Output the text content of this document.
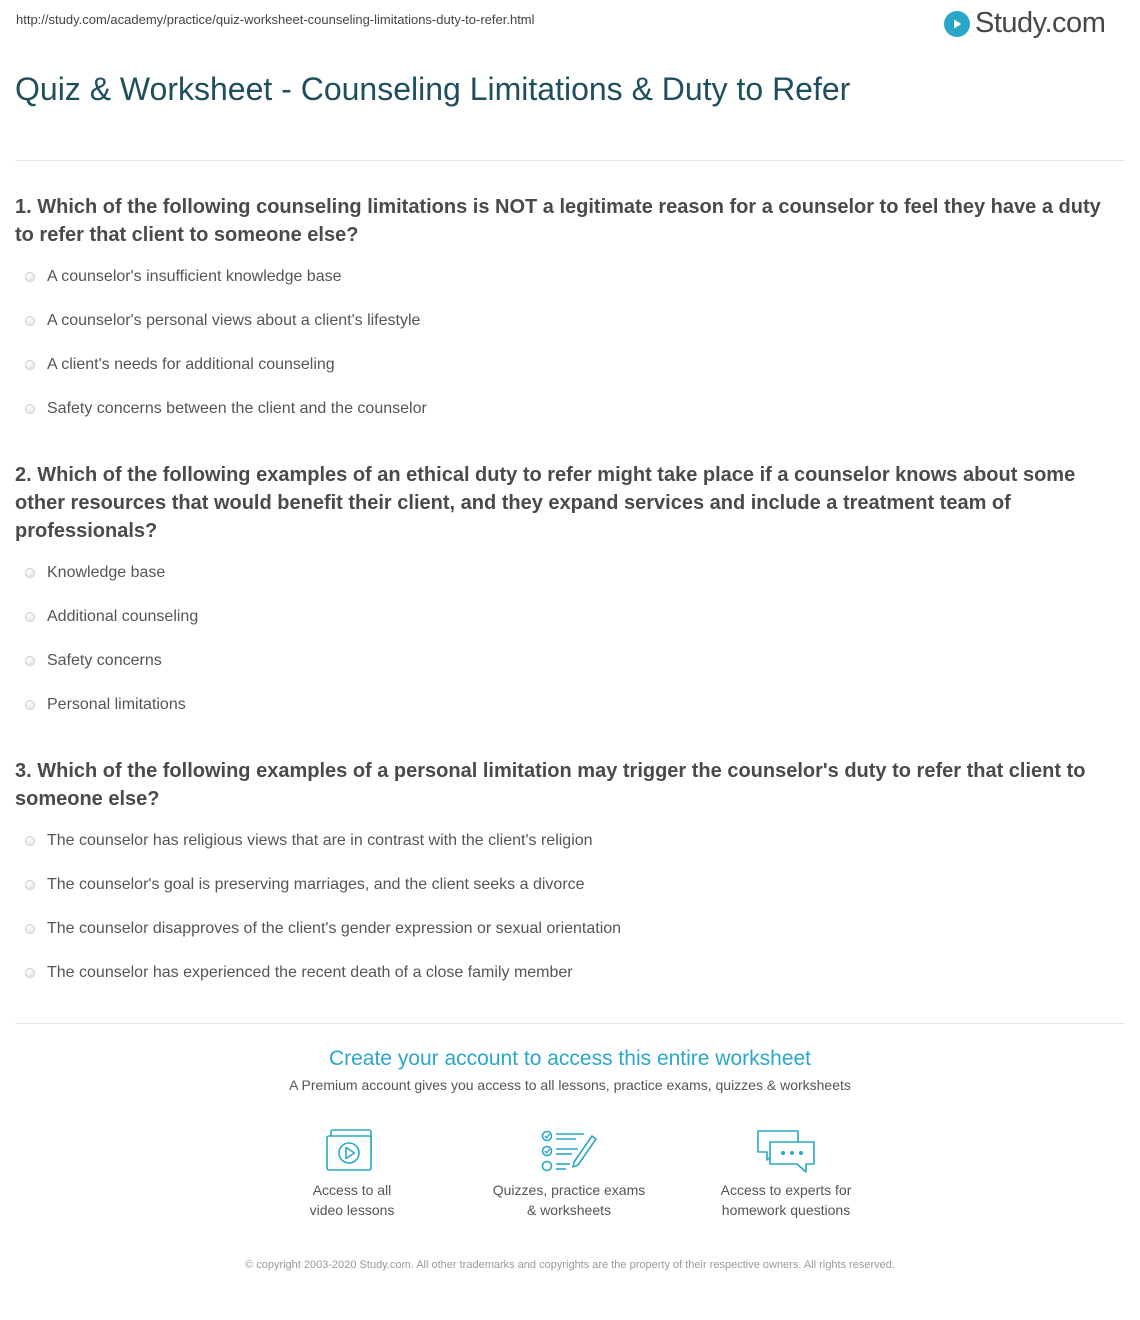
http://study.com/academy/practice/quiz-worksheet-counseling-limitations-duty-to-refer.html	Study.com
Quiz & Worksheet - Counseling Limitations & Duty to Refer

1. Which of the following counseling limitations is NOT a legitimate reason for a counselor to feel they have a duty to refer that client to someone else?

A counselor's insufficient knowledge base
A counselor's personal views about a client's lifestyle
A client's needs for additional counseling
Safety concerns between the client and the counselor

2. Which of the following examples of an ethical duty to refer might take place if a counselor knows about some other resources that would benefit their client, and they expand services and include a treatment team of professionals?

Knowledge base
Additional counseling
Safety concerns
Personal limitations

3. Which of the following examples of a personal limitation may trigger the counselor's duty to refer that client to someone else?

The counselor has religious views that are in contrast with the client's religion
The counselor's goal is preserving marriages, and the client seeks a divorce
The counselor disapproves of the client's gender expression or sexual orientation
The counselor has experienced the recent death of a close family member

Create your account to access this entire worksheet

A Premium account gives you access to all lessons, practice exams, quizzes & worksheets
Access to all
video lessons
Quizzes, practice exams
& worksheets
Access to experts for
homework questions
© copyright 2003-2020 Study.com. All other trademarks and copyrights are the property of their respective owners. All rights reserved.
